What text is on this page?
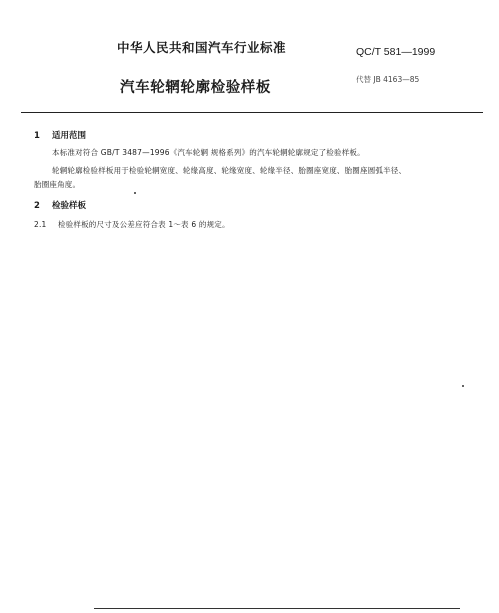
中华人民共和国汽车行业标准	QC/T 581—1999
汽车轮辋轮廓检验样板
代替 JB 4163—85
1 适用范围
本标准对符合 GB/T 3487—1996《汽车轮辋 规格系列》的汽车轮辋轮廓规定了检验样板。
轮辋轮廓检验样板用于检验轮辋宽度、轮缘高度、轮缘宽度、轮缘半径、胎圈座宽度、胎圈座圆弧半径、
胎圈座角度。
2 检验样板
2.1 检验样板的尺寸及公差应符合表 1～表 6 的规定。
